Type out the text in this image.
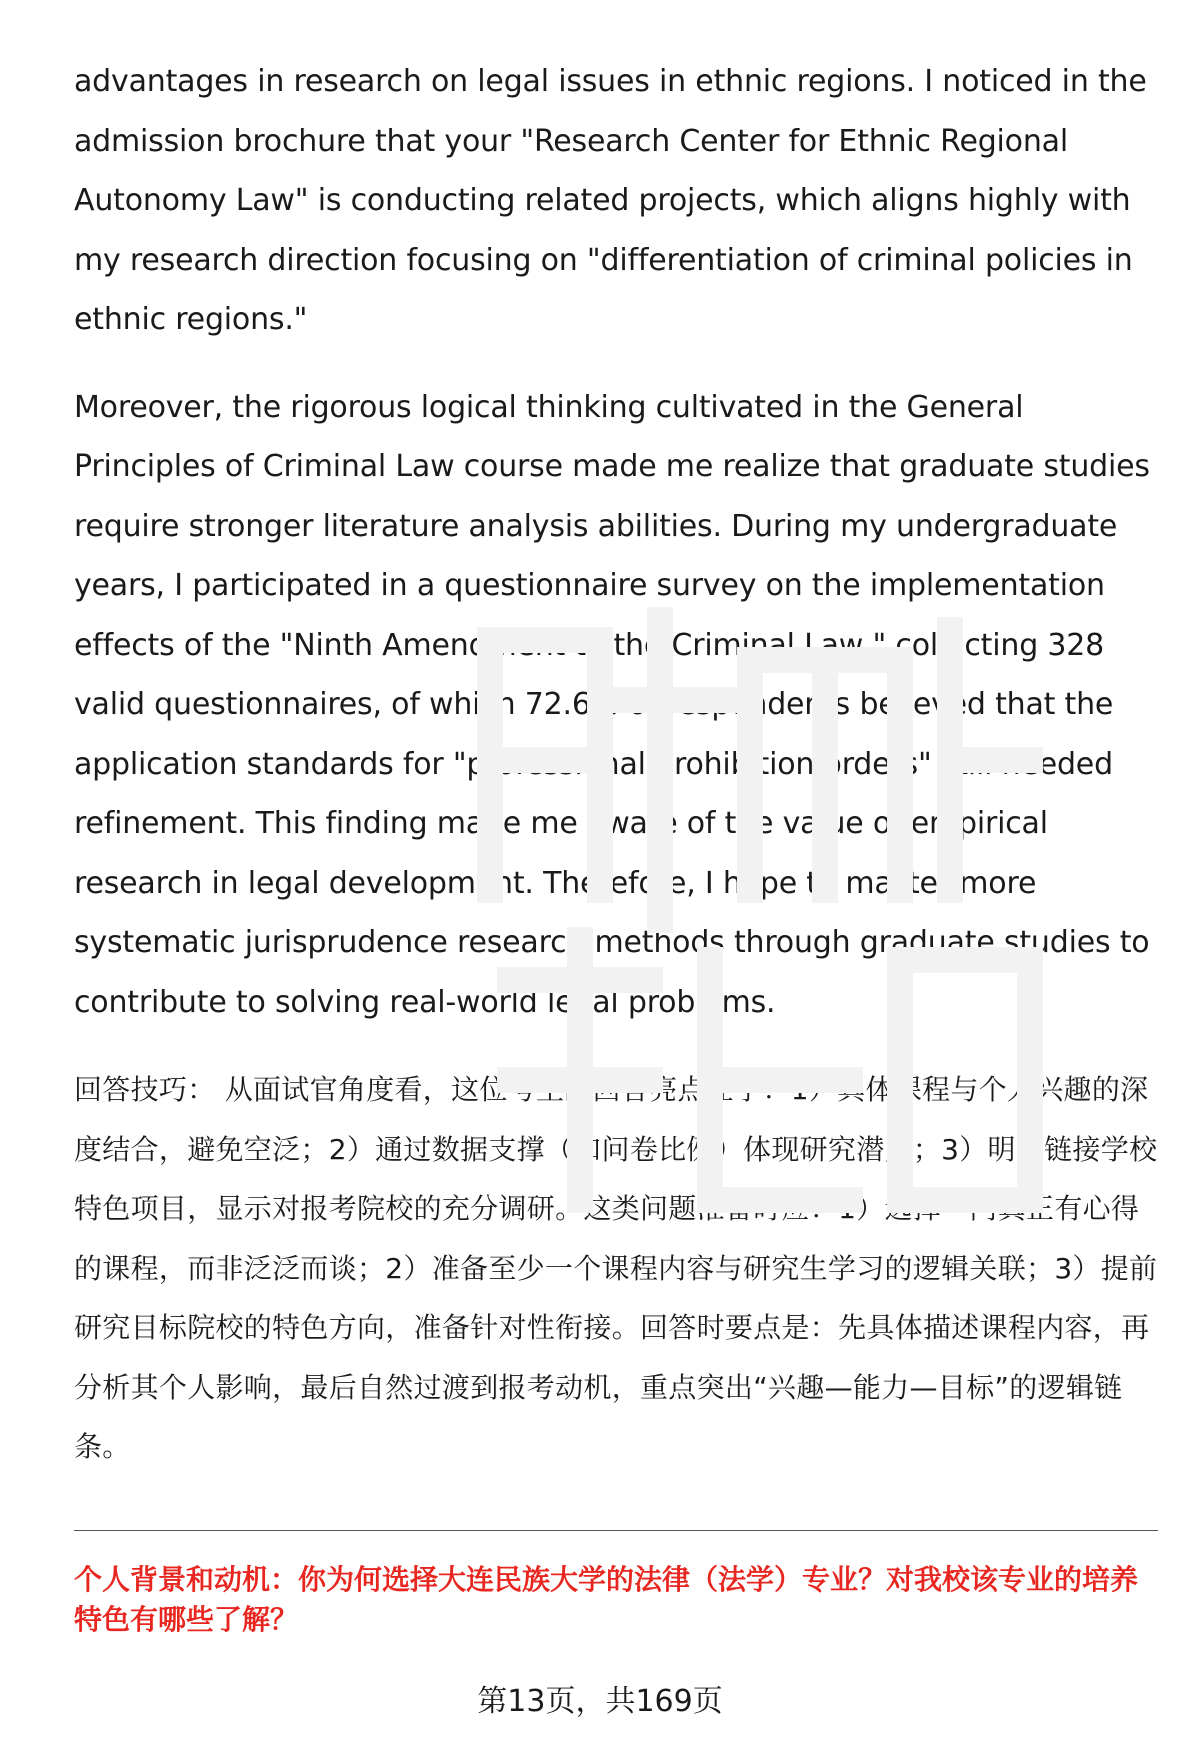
advantages in research on legal issues in ethnic regions. I noticed in the admission brochure that your "Research Center for Ethnic Regional Autonomy Law" is conducting related projects, which aligns highly with my research direction focusing on "differentiation of criminal policies in ethnic regions."

Moreover, the rigorous logical thinking cultivated in the General Principles of Criminal Law course made me realize that graduate studies require stronger literature analysis abilities. During my undergraduate years, I participated in a questionnaire survey on the implementation effects of the "Ninth Amendment to the Criminal Law," collecting 328 valid questionnaires, of which 72.6% of respondents believed that the application standards for "professional prohibition orders" still needed refinement. This finding made me aware of the value of empirical research in legal development. Therefore, I hope to master more systematic jurisprudence research methods through graduate studies to contribute to solving real-world legal problems.

回答技巧： 从面试官角度看，这位考生的回答亮点在于：1）具体课程与个人兴趣的深度结合，避免空泛；2）通过数据支撑（如问卷比例）体现研究潜力；3）明确链接学校特色项目，显示对报考院校的充分调研。这类问题准备时应：1）选择一门真正有心得的课程，而非泛泛而谈；2）准备至少一个课程内容与研究生学习的逻辑关联；3）提前研究目标院校的特色方向，准备针对性衔接。回答时要点是：先具体描述课程内容，再分析其个人影响，最后自然过渡到报考动机，重点突出“兴趣—能力—目标”的逻辑链条。

个人背景和动机：你为何选择大连民族大学的法律（法学）专业？对我校该专业的培养特色有哪些了解？

第13页，共169页
